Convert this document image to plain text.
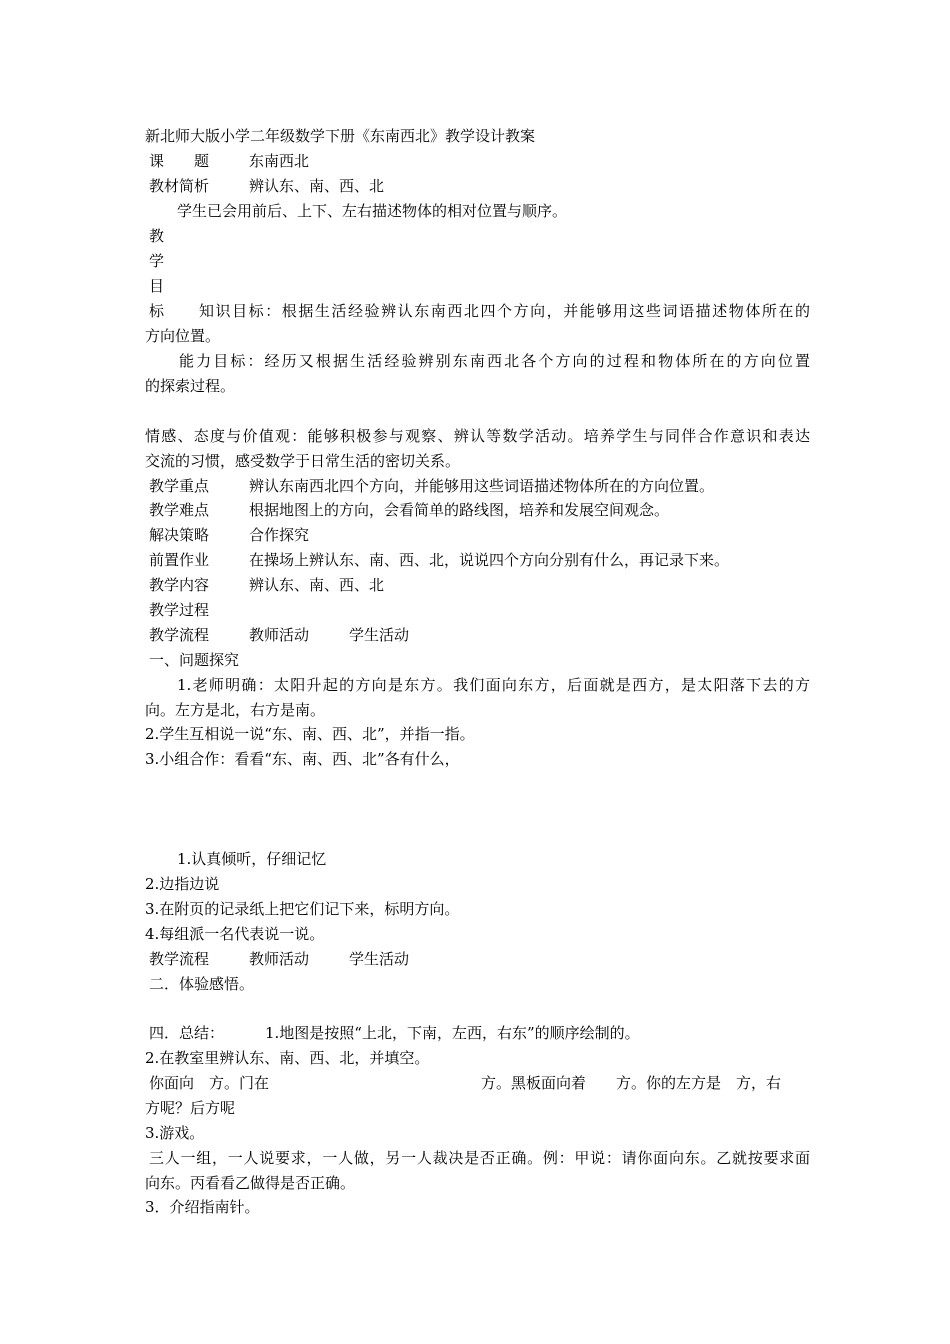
新北师大版小学二年级数学下册《东南西北》教学设计教案
课　　题	东南西北
教材简析	辨认东、南、西、北
学生已会用前后、上下、左右描述物体的相对位置与顺序。
教
学
目
标 知识目标：根据生活经验辨认东南西北四个方向，并能够用这些词语描述物体所在的
方向位置。
能力目标：经历又根据生活经验辨别东南西北各个方向的过程和物体所在的方向位置
的探索过程。
情感、态度与价值观：能够积极参与观察、辨认等数学活动。培养学生与同伴合作意识和表达
交流的习惯，感受数学于日常生活的密切关系。
教学重点	辨认东南西北四个方向，并能够用这些词语描述物体所在的方向位置。
教学难点	根据地图上的方向，会看简单的路线图，培养和发展空间观念。
解决策略	合作探究
前置作业	在操场上辨认东、南、西、北，说说四个方向分别有什么，再记录下来。
教学内容	辨认东、南、西、北
教学过程
教学流程	教师活动	学生活动
一、问题探究
1.老师明确：太阳升起的方向是东方。我们面向东方，后面就是西方，是太阳落下去的方
向。左方是北，右方是南。
2.学生互相说一说“东、南、西、北”，并指一指。
3.小组合作：看看“东、南、西、北”各有什么，
1.认真倾听，仔细记忆
2.边指边说
3.在附页的记录纸上把它们记下来，标明方向。
4.每组派一名代表说一说。
教学流程	教师活动	学生活动
二．体验感悟。
四．总结：	1.地图是按照“上北，下南，左西，右东”的顺序绘制的。
2.在教室里辨认东、南、西、北，并填空。
你面向　方。门在	方。黑板面向着　　方。你的左方是　方，右
方呢？后方呢
3.游戏。
三人一组，一人说要求，一人做，另一人裁决是否正确。例：甲说：请你面向东。乙就按要求面
向东。丙看看乙做得是否正确。
3．介绍指南针。
